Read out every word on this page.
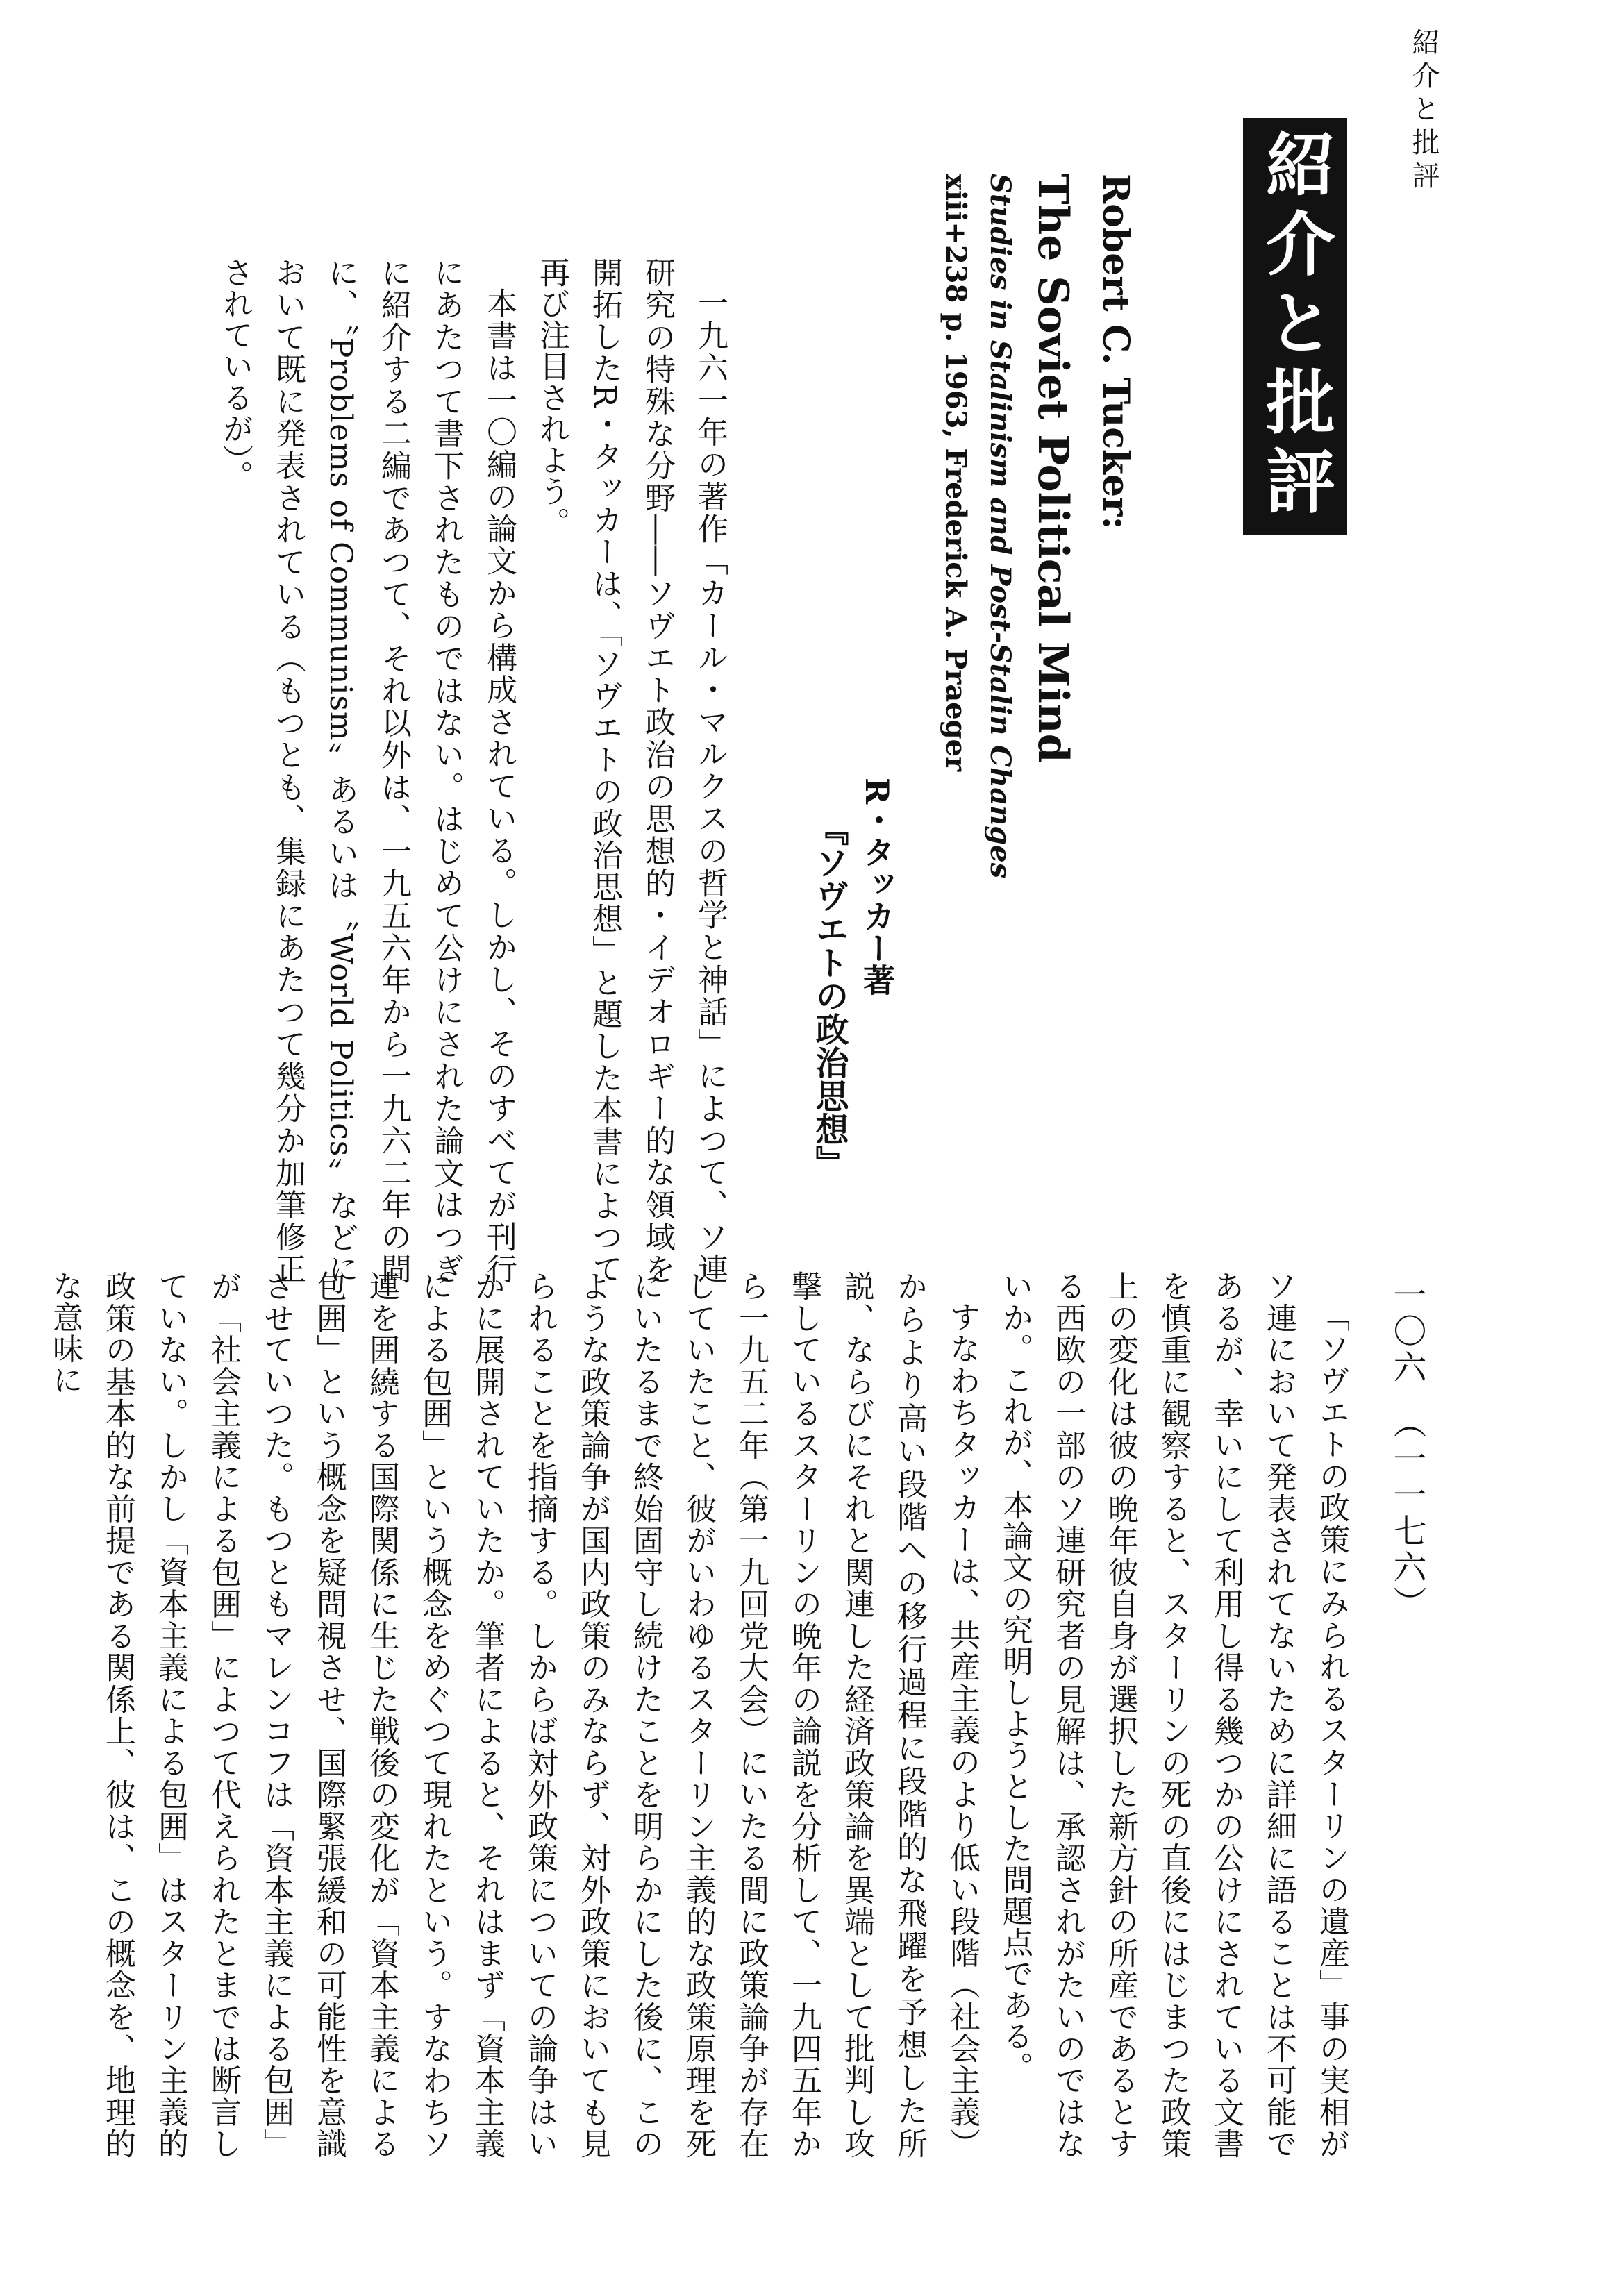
紹介と批評
一〇六　（一一七六）
紹介と批評
Robert C. Tucker:
The Soviet Political Mind
Studies in Stalinism and Post-Stalin Changes
xiii+238 p. 1963, Frederick A. Praeger
R・タッカー著
『ソヴエトの政治思想』
一九六一年の著作「カール・マルクスの哲学と神話」によつて、ソ連研究の特殊な分野――ソヴエト政治の思想的・イデオロギー的な領域を開拓したR・タッカーは、「ソヴエトの政治思想」と題した本書によつて再び注目されよう。
本書は一〇編の論文から構成されている。しかし、そのすべてが刊行にあたつて書下されたものではない。はじめて公けにされた論文はつぎに紹介する二編であつて、それ以外は、一九五六年から一九六二年の間に、〝Problems of Communism〟あるいは〝World Politics〟などにおいて既に発表されている（もつとも、集録にあたつて幾分か加筆修正されているが）。
「ソヴエトの政策にみられるスターリンの遺産」事の実相がソ連において発表されてないために詳細に語ることは不可能であるが、幸いにして利用し得る幾つかの公けにされている文書を慎重に観察すると、スターリンの死の直後にはじまつた政策上の変化は彼の晩年彼自身が選択した新方針の所産であるとする西欧の一部のソ連研究者の見解は、承認されがたいのではないか。これが、本論文の究明しようとした問題点である。
すなわちタッカーは、共産主義のより低い段階（社会主義）からより高い段階への移行過程に段階的な飛躍を予想した所説、ならびにそれと関連した経済政策論を異端として批判し攻撃しているスターリンの晩年の論説を分析して、一九四五年から一九五二年（第一九回党大会）にいたる間に政策論争が存在していたこと、彼がいわゆるスターリン主義的な政策原理を死にいたるまで終始固守し続けたことを明らかにした後に、このような政策論争が国内政策のみならず、対外政策においても見られることを指摘する。しからば対外政策についての論争はいかに展開されていたか。筆者によると、それはまず「資本主義による包囲」という概念をめぐつて現れたという。すなわちソ連を囲繞する国際関係に生じた戦後の変化が「資本主義による包囲」という概念を疑問視させ、国際緊張緩和の可能性を意識させていつた。もつともマレンコフは「資本主義による包囲」が「社会主義による包囲」によつて代えられたとまでは断言していない。しかし「資本主義による包囲」はスターリン主義的政策の基本的な前提である関係上、彼は、この概念を、地理的な意味に
